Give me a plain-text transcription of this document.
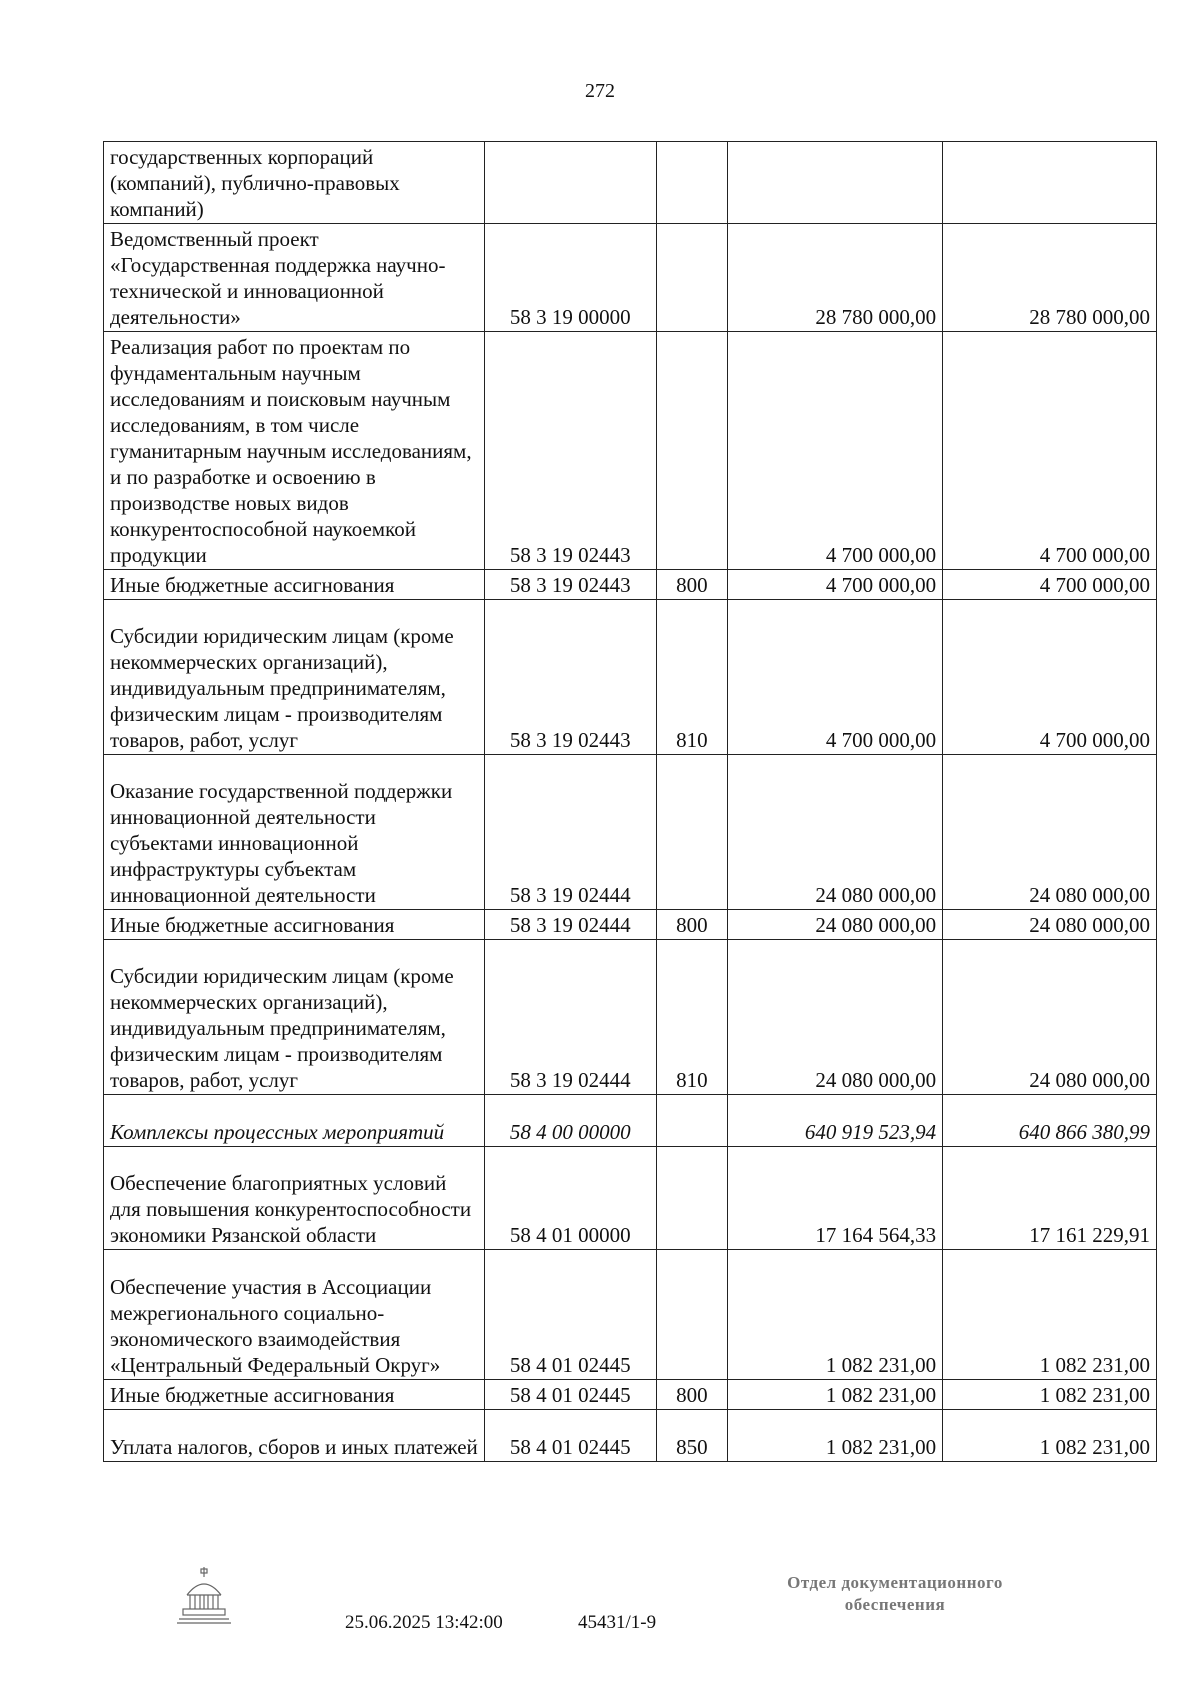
272
государственных корпораций (компаний), публично-правовых компаний)				
Ведомственный проект «Государственная поддержка научно-технической и инновационной деятельности»	58 3 19 00000		28 780 000,00	28 780 000,00
Реализация работ по проектам по фундаментальным научным исследованиям и поисковым научным исследованиям, в том числе гуманитарным научным исследованиям, и по разработке и освоению в производстве новых видов конкурентоспособной наукоемкой продукции	58 3 19 02443		4 700 000,00	4 700 000,00
Иные бюджетные ассигнования	58 3 19 02443	800	4 700 000,00	4 700 000,00
Субсидии юридическим лицам (кроме некоммерческих организаций), индивидуальным предпринимателям, физическим лицам - производителям товаров, работ, услуг	58 3 19 02443	810	4 700 000,00	4 700 000,00
Оказание государственной поддержки инновационной деятельности субъектами инновационной инфраструктуры субъектам инновационной деятельности	58 3 19 02444		24 080 000,00	24 080 000,00
Иные бюджетные ассигнования	58 3 19 02444	800	24 080 000,00	24 080 000,00
Субсидии юридическим лицам (кроме некоммерческих организаций), индивидуальным предпринимателям, физическим лицам - производителям товаров, работ, услуг	58 3 19 02444	810	24 080 000,00	24 080 000,00
Комплексы процессных мероприятий	58 4 00 00000		640 919 523,94	640 866 380,99
Обеспечение благоприятных условий для повышения конкурентоспособности экономики Рязанской области	58 4 01 00000		17 164 564,33	17 161 229,91
Обеспечение участия в Ассоциации межрегионального социально-экономического взаимодействия «Центральный Федеральный Округ»	58 4 01 02445		1 082 231,00	1 082 231,00
Иные бюджетные ассигнования	58 4 01 02445	800	1 082 231,00	1 082 231,00
Уплата налогов, сборов и иных платежей	58 4 01 02445	850	1 082 231,00	1 082 231,00
25.06.2025 13:42:00	45431/1-9
Отдел документационного
обеспечения
